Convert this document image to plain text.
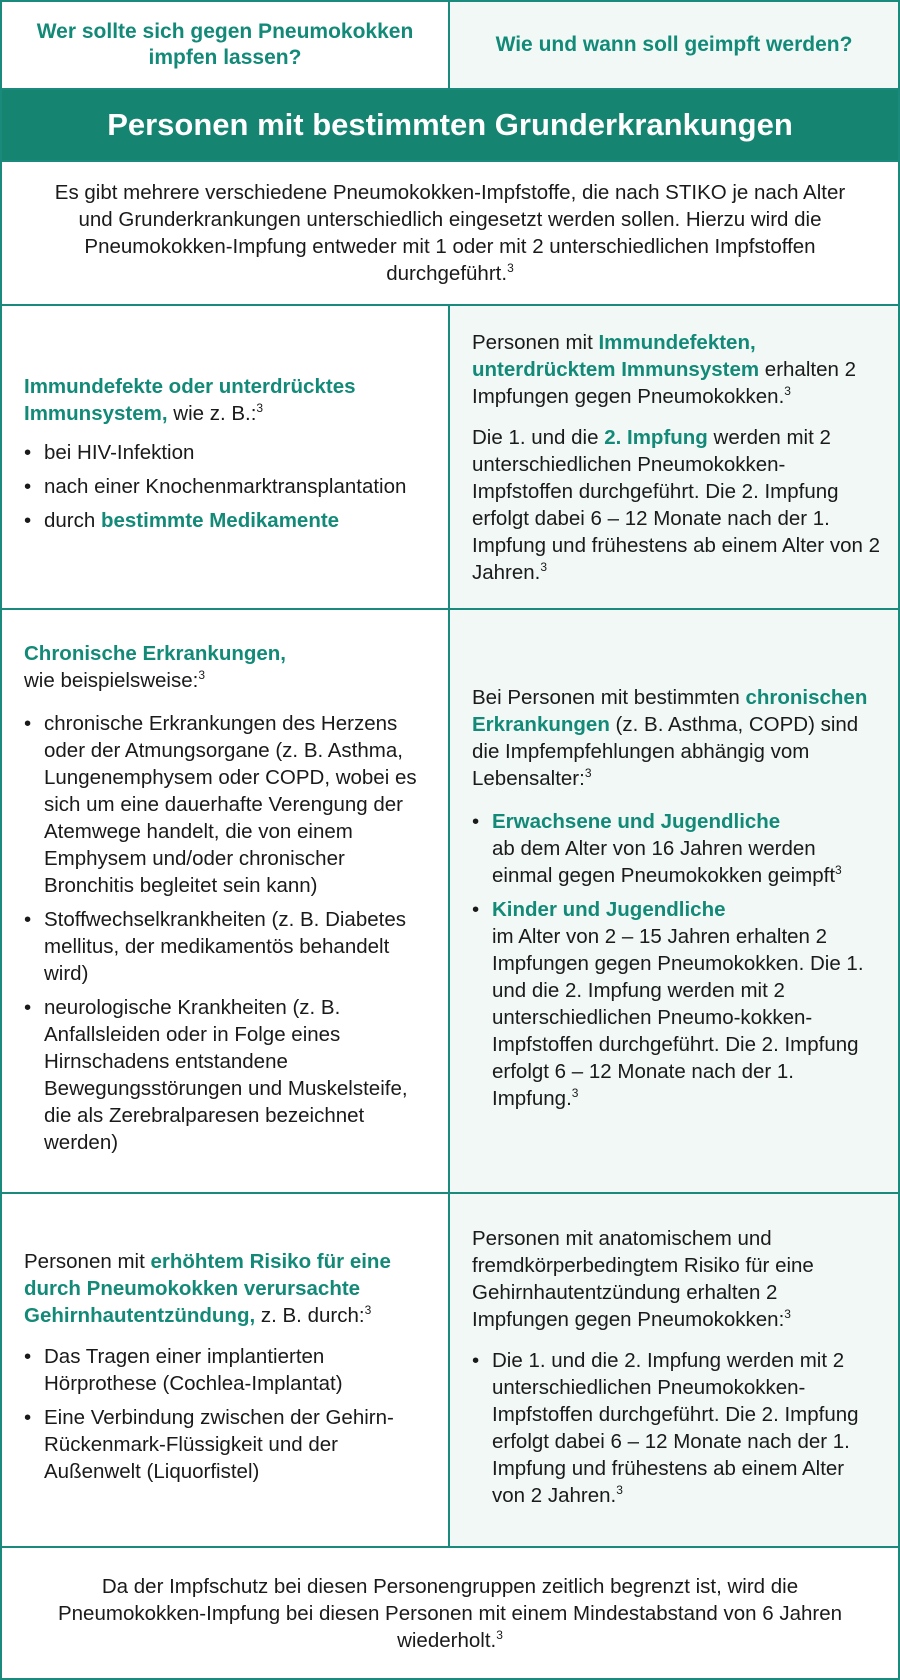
Wer sollte sich gegen Pneumokokken impfen lassen?
Wie und wann soll geimpft werden?
Personen mit bestimmten Grunderkrankungen
Es gibt mehrere verschiedene Pneumokokken-Impfstoffe, die nach STIKO je nach Alter und Grunderkrankungen unterschiedlich eingesetzt werden sollen. Hierzu wird die Pneumokokken-Impfung entweder mit 1 oder mit 2 unterschiedlichen Impfstoffen durchgeführt.$^3$
Immundefekte oder unterdrücktes Immunsystem, wie z. B.:$^3$
• bei HIV-Infektion
• nach einer Knochenmarktransplantation
• durch bestimmte Medikamente

Personen mit Immundefekten, unterdrücktem Immunsystem erhalten 2 Impfungen gegen Pneumokokken.$^3$

Die 1. und die 2. Impfung werden mit 2 unterschiedlichen Pneumokokken-Impfstoffen durchgeführt. Die 2. Impfung erfolgt dabei 6 – 12 Monate nach der 1. Impfung und frühestens ab einem Alter von 2 Jahren.$^3$

Chronische Erkrankungen,
wie beispielsweise:$^3$
• chronische Erkrankungen des Herzens oder der Atmungsorgane (z. B. Asthma, Lungenemphysem oder COPD, wobei es sich um eine dauerhafte Verengung der Atemwege handelt, die von einem Emphysem und/oder chronischer Bronchitis begleitet sein kann)
• Stoffwechselkrankheiten (z. B. Diabetes mellitus, der medikamentös behandelt wird)
• neurologische Krankheiten (z. B. Anfallsleiden oder in Folge eines Hirnschadens entstandene Bewegungsstörungen und Muskelsteife, die als Zerebralparesen bezeichnet werden)
Bei Personen mit bestimmten chronischen Erkrankungen (z. B. Asthma, COPD) sind die Impfempfehlungen abhängig vom Lebensalter:$^3$
• Erwachsene und Jugendliche
ab dem Alter von 16 Jahren werden einmal gegen Pneumokokken geimpft$^3$
• Kinder und Jugendliche
im Alter von 2 – 15 Jahren erhalten 2 Impfungen gegen Pneumokokken. Die 1. und die 2. Impfung werden mit 2 unterschiedlichen Pneumo-kokken-Impfstoffen durchgeführt. Die 2. Impfung erfolgt 6 – 12 Monate nach der 1. Impfung.$^3$
Personen mit erhöhtem Risiko für eine durch Pneumokokken verursachte Gehirnhautentzündung, z. B. durch:$^3$
• Das Tragen einer implantierten Hörprothese (Cochlea-Implantat)
• Eine Verbindung zwischen der Gehirn-Rückenmark-Flüssigkeit und der Außenwelt (Liquorfistel)
Personen mit anatomischem und fremdkörperbedingtem Risiko für eine Gehirnhautentzündung erhalten 2 Impfungen gegen Pneumokokken:$^3$
• Die 1. und die 2. Impfung werden mit 2 unterschiedlichen Pneumokokken-Impfstoffen durchgeführt. Die 2. Impfung erfolgt dabei 6 – 12 Monate nach der 1. Impfung und frühestens ab einem Alter von 2 Jahren.$^3$
Da der Impfschutz bei diesen Personengruppen zeitlich begrenzt ist, wird die Pneumokokken-Impfung bei diesen Personen mit einem Mindestabstand von 6 Jahren wiederholt.$^3$
